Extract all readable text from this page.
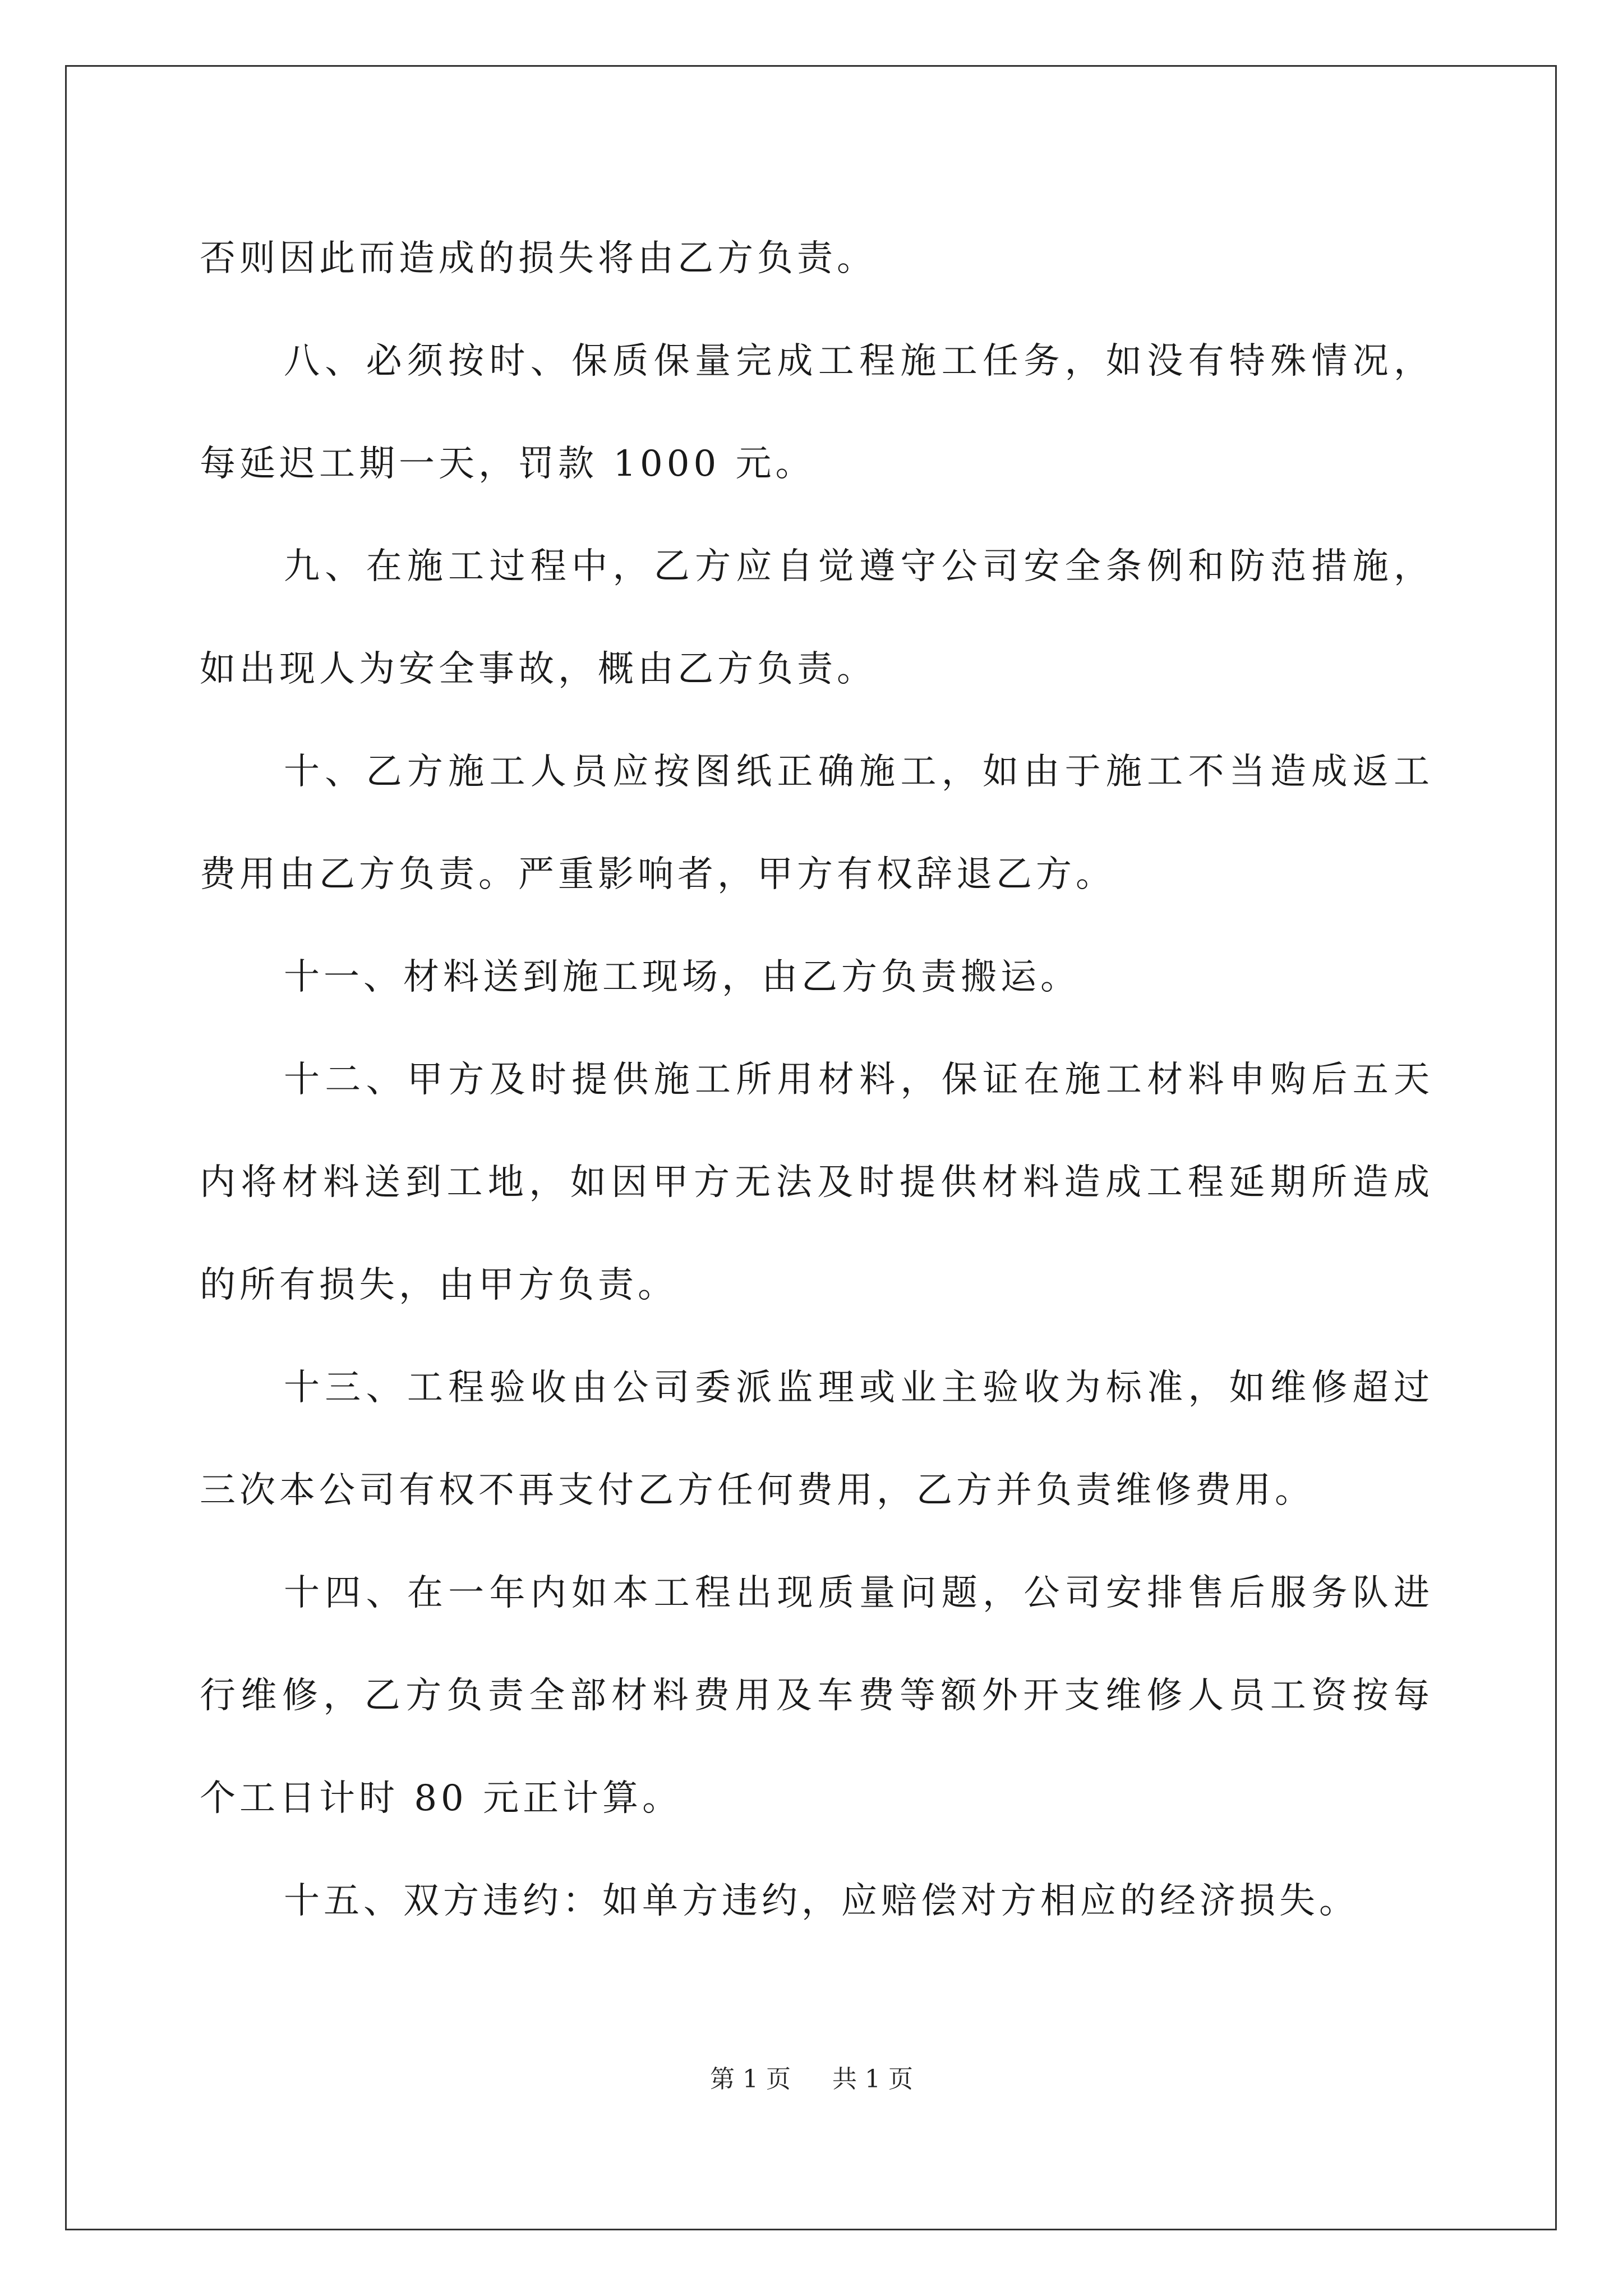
否则因此而造成的损失将由乙方负责。

八、必须按时、保质保量完成工程施工任务，如没有特殊情况，每延迟工期一天，罚款 1000 元。

九、在施工过程中，乙方应自觉遵守公司安全条例和防范措施，如出现人为安全事故，概由乙方负责。

十、乙方施工人员应按图纸正确施工，如由于施工不当造成返工费用由乙方负责。严重影响者，甲方有权辞退乙方。

十一、材料送到施工现场，由乙方负责搬运。

十二、甲方及时提供施工所用材料，保证在施工材料申购后五天内将材料送到工地，如因甲方无法及时提供材料造成工程延期所造成的所有损失，由甲方负责。

十三、工程验收由公司委派监理或业主验收为标准，如维修超过三次本公司有权不再支付乙方任何费用，乙方并负责维修费用。

十四、在一年内如本工程出现质量问题，公司安排售后服务队进行维修，乙方负责全部材料费用及车费等额外开支维修人员工资按每个工日计时 80 元正计算。

十五、双方违约：如单方违约，应赔偿对方相应的经济损失。

第 1 页 共 1 页
